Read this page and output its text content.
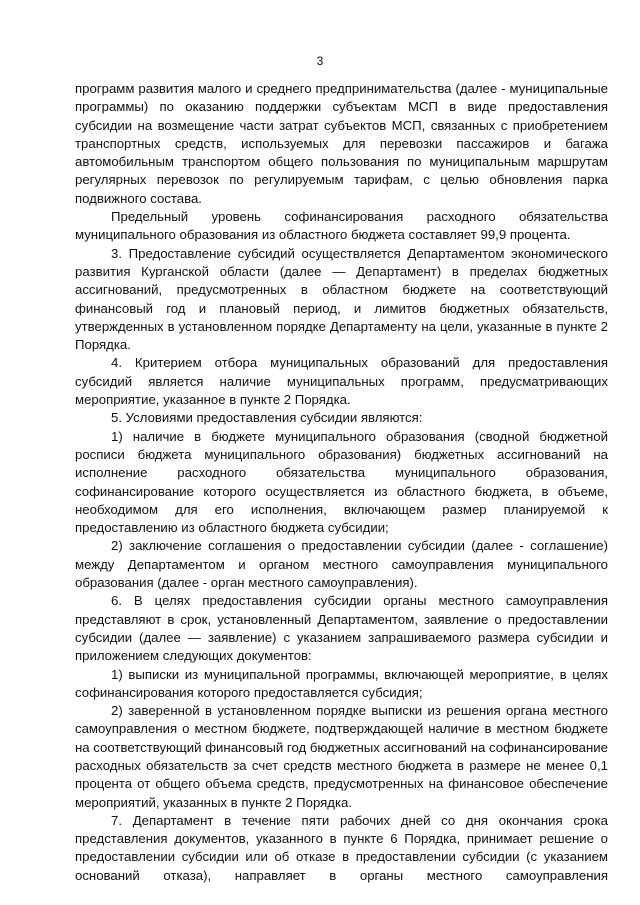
3

программ развития малого и среднего предпринимательства (далее - муниципальные программы) по оказанию поддержки субъектам МСП в виде предоставления субсидии на возмещение части затрат субъектов МСП, связанных с приобретением транспортных средств, используемых для перевозки пассажиров и багажа автомобильным транспортом общего пользования по муниципальным маршрутам регулярных перевозок по регулируемым тарифам, с целью обновления парка подвижного состава.

Предельный уровень софинансирования расходного обязательства муниципального образования из областного бюджета составляет 99,9 процента.

3. Предоставление субсидий осуществляется Департаментом экономического развития Курганской области (далее — Департамент) в пределах бюджетных ассигнований, предусмотренных в областном бюджете на соответствующий финансовый год и плановый период, и лимитов бюджетных обязательств, утвержденных в установленном порядке Департаменту на цели, указанные в пункте 2 Порядка.

4. Критерием отбора муниципальных образований для предоставления субсидий является наличие муниципальных программ, предусматривающих мероприятие, указанное в пункте 2 Порядка.

5. Условиями предоставления субсидии являются:

1) наличие в бюджете муниципального образования (сводной бюджетной росписи бюджета муниципального образования) бюджетных ассигнований на исполнение расходного обязательства муниципального образования, софинансирование которого осуществляется из областного бюджета, в объеме, необходимом для его исполнения, включающем размер планируемой к предоставлению из областного бюджета субсидии;

2) заключение соглашения о предоставлении субсидии (далее - соглашение) между Департаментом и органом местного самоуправления муниципального образования (далее - орган местного самоуправления).

6. В целях предоставления субсидии органы местного самоуправления представляют в срок, установленный Департаментом, заявление о предоставлении субсидии (далее — заявление) с указанием запрашиваемого размера субсидии и приложением следующих документов:

1) выписки из муниципальной программы, включающей мероприятие, в целях софинансирования которого предоставляется субсидия;

2) заверенной в установленном порядке выписки из решения органа местного самоуправления о местном бюджете, подтверждающей наличие в местном бюджете на соответствующий финансовый год бюджетных ассигнований на софинансирование расходных обязательств за счет средств местного бюджета в размере не менее 0,1 процента от общего объема средств, предусмотренных на финансовое обеспечение мероприятий, указанных в пункте 2 Порядка.

7. Департамент в течение пяти рабочих дней со дня окончания срока представления документов, указанного в пункте 6 Порядка, принимает решение о предоставлении субсидии или об отказе в предоставлении субсидии (с указанием оснований отказа), направляет в органы местного самоуправления
